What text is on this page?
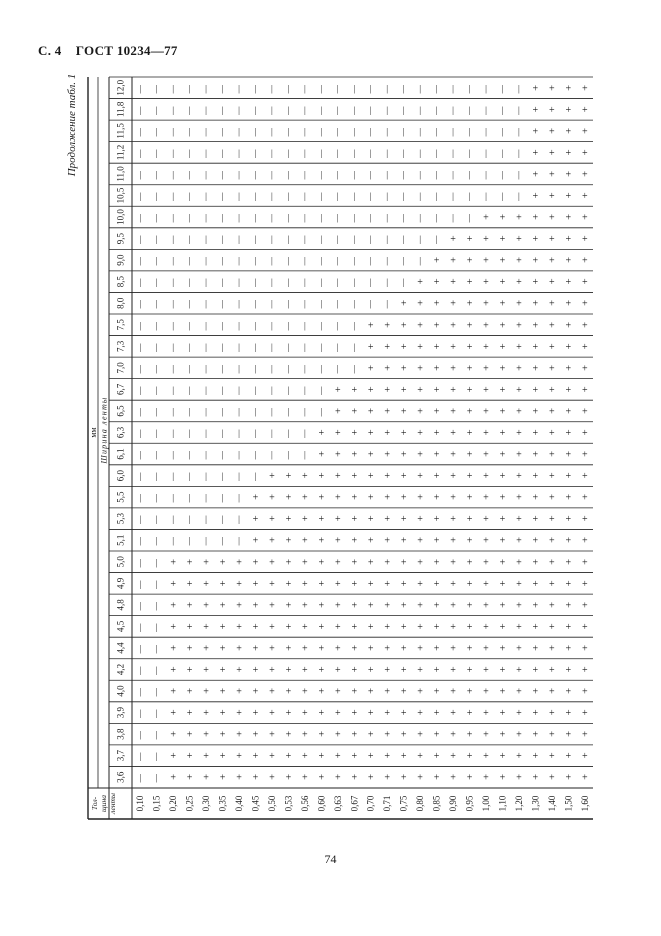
С. 4 ГОСТ 10234—77
мм Ширина ленты
3,6
3,7
3,8
3,9
4,0
4,2
4,4
4,5
4,8
4,9
5,0
5,1
5,3
5,5
6,0
6,1
6,3
6,5
6,7
7,0
7,3
7,5
8,0
8,5
9,0
9,5
10,0
10,5
11,0
11,2
11,5
11,8
12,0
Тол- щина ленты 0,10 0,15 0,20 0,25 0,30 0,35 0,40 0,45 0,50 0,53 0,56 0,60 0,63 0,67 0,70 0,71 0,75 0,80 0,85 0,90 0,95 1,00 1,10 1,20 1,30 1,40 1,50 1,60
| | + + + + + + + + + + + + + + + + + + + + + + + + + +
| | + + + + + + + + + + + + + + + + + + + + + + + + + +
| | + + + + + + + + + + + + + + + + + + + + + + + + + +
| | + + + + + + + + + + + + + + + + + + + + + + + + + +
| | + + + + + + + + + + + + + + + + + + + + + + + + + +
| | + + + + + + + + + + + + + + + + + + + + + + + + + +
| | + + + + + + + + + + + + + + + + + + + + + + + + + +
| | + + + + + + + + + + + + + + + + + + + + + + + + + +
| | + + + + + + + + + + + + + + + + + + + + + + + + + +
| | + + + + + + + + + + + + + + + + + + + + + + + + + +
| | + + + + + + + + + + + + + + + + + + + + + + + + + +
| | | | | | | + + + + + + + + + + + + + + + + + + + + +
| | | | | | | + + + + + + + + + + + + + + + + + + + + +
| | | | | | | + + + + + + + + + + + + + + + + + + + + +
| | | | | | | | + + + + + + + + + + + + + + + + + + + +
| | | | | | | | | | | + + + + + + + + + + + + + + + + +
| | | | | | | | | | | + + + + + + + + + + + + + + + + +
| | | | | | | | | | | | + + + + + + + + + + + + + + + +
| | | | | | | | | | | | + + + + + + + + + + + + + + + +
| | | | | | | | | | | | | | + + + + + + + + + + + + + +
| | | | | | | | | | | | | | + + + + + + + + + + + + + +
| | | | | | | | | | | | | | + + + + + + + + + + + + + +
| | | | | | | | | | | | | | | | + + + + + + + + + + + +
| | | | | | | | | | | | | | | | | + + + + + + + + + + +
| | | | | | | | | | | | | | | | | | + + + + + + + + + +
| | | | | | | | | | | | | | | | | | | + + + + + + + + +
| | | | | | | | | | | | | | | | | | | | | + + + + + + +
| | | | | | | | | | | | | | | | | | | | | | | | + + + +
| | | | | | | | | | | | | | | | | | | | | | | | + + + +
| | | | | | | | | | | | | | | | | | | | | | | | + + + +
| | | | | | | | | | | | | | | | | | | | | | | | + + + +
| | | | | | | | | | | | | | | | | | | | | | | | + + + +
| | | | | | | | | | | | | | | | | | | | | | | | + + + +
Продолжение табл. 1
74
